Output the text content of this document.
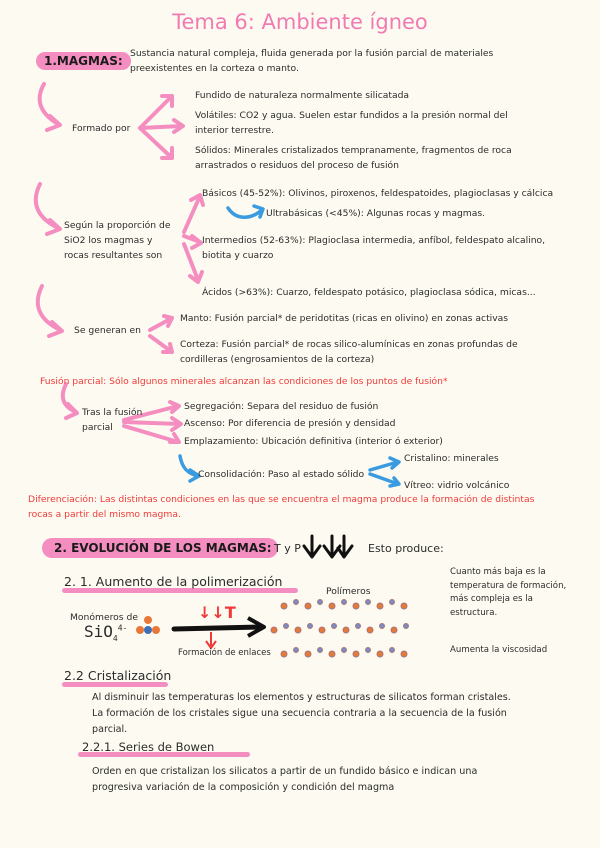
Tema 6: Ambiente ígneo
1.MAGMAS:
Sustancia natural compleja, fluida generada por la fusión parcial de materiales
preexistentes en la corteza o manto.
Formado por
Fundido de naturaleza normalmente silicatada
Volátiles: CO2 y agua. Suelen estar fundidos a la presión normal del
interior terrestre.
Sólidos: Minerales cristalizados tempranamente, fragmentos de roca
arrastrados o residuos del proceso de fusión
Según la proporción de
SiO2 los magmas y
rocas resultantes son
Básicos (45-52%): Olivinos, piroxenos, feldespatoides, plagioclasas y cálcica
Ultrabásicas (<45%): Algunas rocas y magmas.
Intermedios (52-63%): Plagioclasa intermedia, anfíbol, feldespato alcalino,
biotita y cuarzo
Ácidos (>63%): Cuarzo, feldespato potásico, plagioclasa sódica, micas...
Se generan en
Manto: Fusión parcial* de peridotitas (ricas en olivino) en zonas activas
Corteza: Fusión parcial* de rocas silico-alumínicas en zonas profundas de
cordilleras (engrosamientos de la corteza)
Fusión parcial: Sólo algunos minerales alcanzan las condiciones de los puntos de fusión*
Tras la fusión
parcial
Segregación: Separa del residuo de fusión
Ascenso: Por diferencia de presión y densidad
Emplazamiento: Ubicación definitiva (interior ó exterior)
Consolidación: Paso al estado sólido
Cristalino: minerales
Vítreo: vidrio volcánico
Diferenciación: Las distintas condiciones en las que se encuentra el magma produce la formación de distintas
rocas a partir del mismo magma.
2. EVOLUCIÓN DE LOS MAGMAS: T y P	Esto produce:
2. 1. Aumento de la polimerización
Monómeros de
SiO$_4^{4-}$
↓↓T
Formación de enlaces
Polímeros
Cuanto más baja es la
temperatura de formación,
más compleja es la
estructura.
Aumenta la viscosidad
2.2 Cristalización
Al disminuir las temperaturas los elementos y estructuras de silicatos forman cristales.
La formación de los cristales sigue una secuencia contraria a la secuencia de la fusión
parcial.
2.2.1. Series de Bowen
Orden en que cristalizan los silicatos a partir de un fundido básico e indican una
progresiva variación de la composición y condición del magma
